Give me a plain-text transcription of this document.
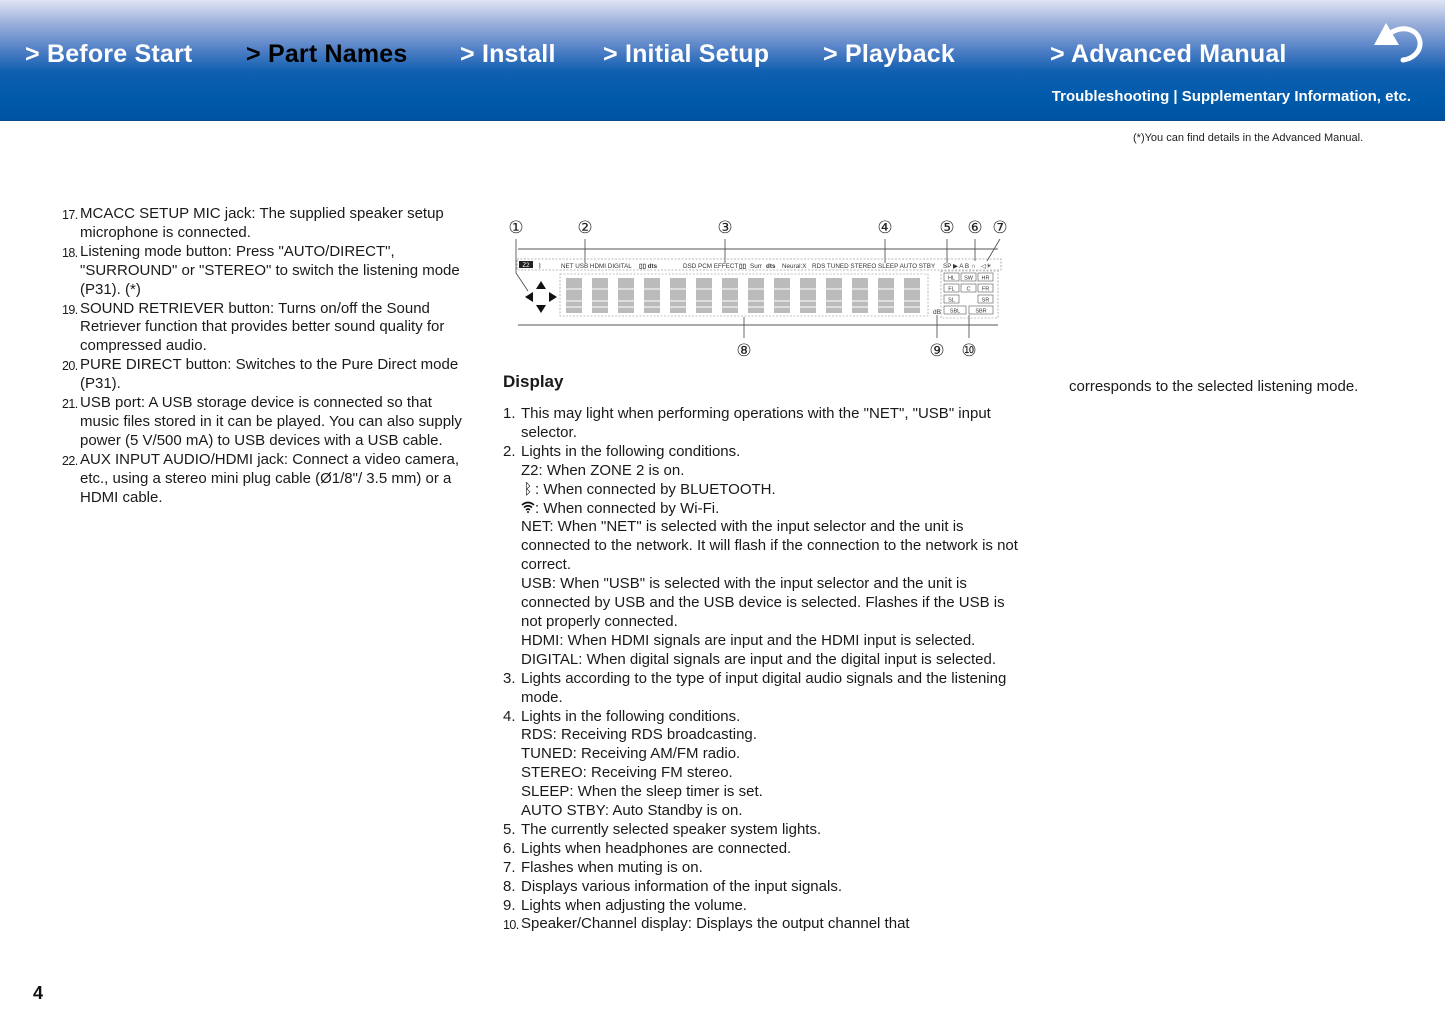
> Before Start > Part Names > Install > Initial Setup > Playback	> Advanced Manual
Troubleshooting | Supplementary Information, etc.
(*)You can find details in the Advanced Manual.
17. MCACC SETUP MIC jack: The supplied speaker setup microphone is connected.
18. Listening mode button: Press "AUTO/DIRECT", "SURROUND" or "STEREO" to switch the listening mode (P31). (*)
19. SOUND RETRIEVER button: Turns on/off the Sound Retriever function that provides better sound quality for compressed audio.
20. PURE DIRECT button: Switches to the Pure Direct mode (P31).
21. USB port: A USB storage device is connected so that music files stored in it can be played. You can also supply power (5 V/500 mA) to USB devices with a USB cable.
22. AUX INPUT AUDIO/HDMI jack: Connect a video camera, etc., using a stereo mini plug cable (Ø1/8"/ 3.5 mm) or a HDMI cable.
①	②	③	④	⑤ ⑥ ⑦
⑧	⑨ ⑩
Z2 ᛒ	NET USB HDMI DIGITAL ▯▯ dts	DSD PCM EFFECT ▯▯ Surr dts Neural:X RDS TUNED STEREO SLEEP AUTO STBY SP ▶ A B ∩ ◁☀
dB
HL SW HR
FL C FR
SL	SR
SBL	SBR
Display
1. This may light when performing operations with the "NET", "USB" input selector.
2. Lights in the following conditions.
Z2: When ZONE 2 is on.
ᛒ : When connected by BLUETOOTH.
: When connected by Wi-Fi.
NET: When "NET" is selected with the input selector and the unit is connected to the network. It will flash if the connection to the network is not correct.
USB: When "USB" is selected with the input selector and the unit is connected by USB and the USB device is selected. Flashes if the USB is not properly connected.
HDMI: When HDMI signals are input and the HDMI input is selected.
DIGITAL: When digital signals are input and the digital input is selected.
3. Lights according to the type of input digital audio signals and the listening mode.
4. Lights in the following conditions.
RDS: Receiving RDS broadcasting.
TUNED: Receiving AM/FM radio.
STEREO: Receiving FM stereo.
SLEEP: When the sleep timer is set.
AUTO STBY: Auto Standby is on.
5. The currently selected speaker system lights.
6. Lights when headphones are connected.
7. Flashes when muting is on.
8. Displays various information of the input signals.
9. Lights when adjusting the volume.
10. Speaker/Channel display: Displays the output channel that
corresponds to the selected listening mode.
4
